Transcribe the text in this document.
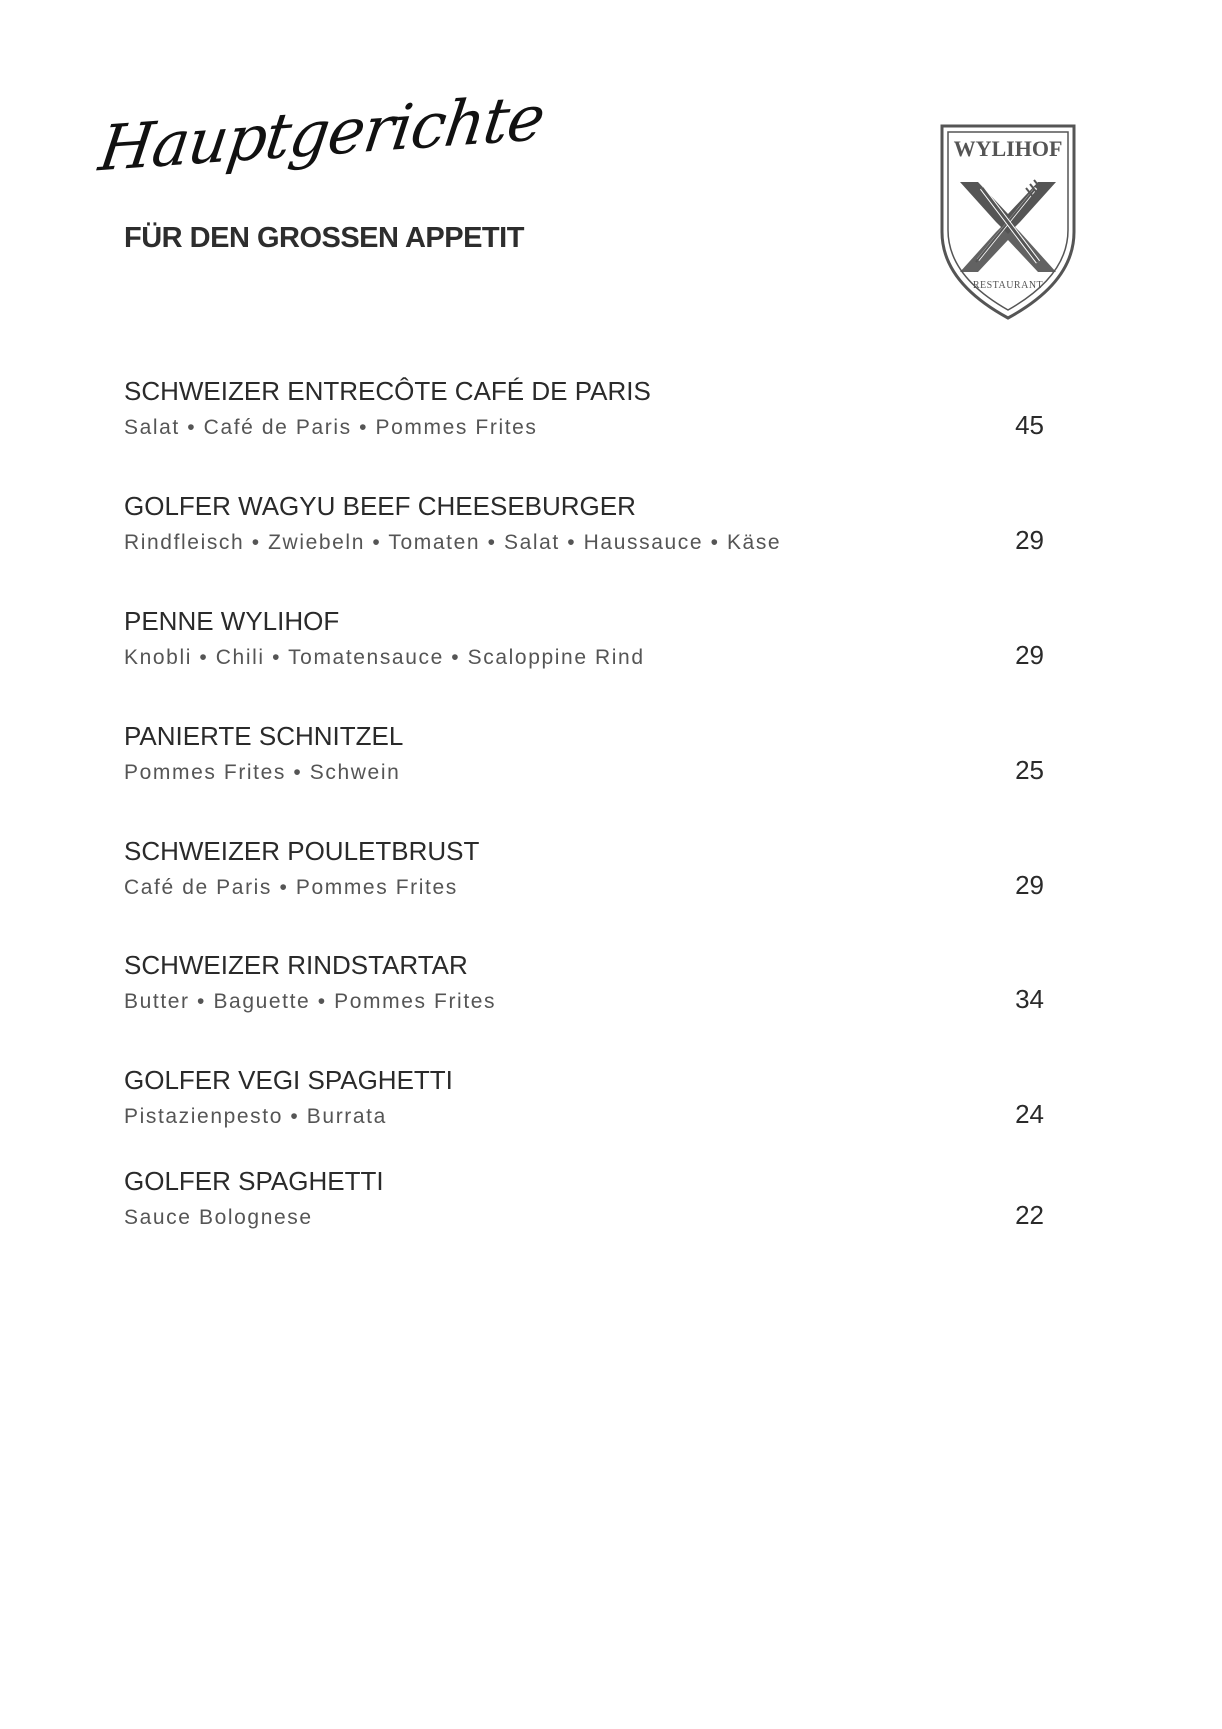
Hauptgerichte
FÜR DEN GROSSEN APPETIT
WYLIHOF
RESTAURANT
SCHWEIZER ENTRECÔTE CAFÉ DE PARIS
Salat • Café de Paris • Pommes Frites	45
GOLFER WAGYU BEEF CHEESEBURGER
Rindfleisch • Zwiebeln • Tomaten • Salat • Haussauce • Käse	29
PENNE WYLIHOF
Knobli • Chili • Tomatensauce • Scaloppine Rind	29
PANIERTE SCHNITZEL
Pommes Frites • Schwein	25
SCHWEIZER POULETBRUST
Café de Paris • Pommes Frites	29
SCHWEIZER RINDSTARTAR
Butter • Baguette • Pommes Frites	34
GOLFER VEGI SPAGHETTI
Pistazienpesto • Burrata	24
GOLFER SPAGHETTI
Sauce Bolognese	22
